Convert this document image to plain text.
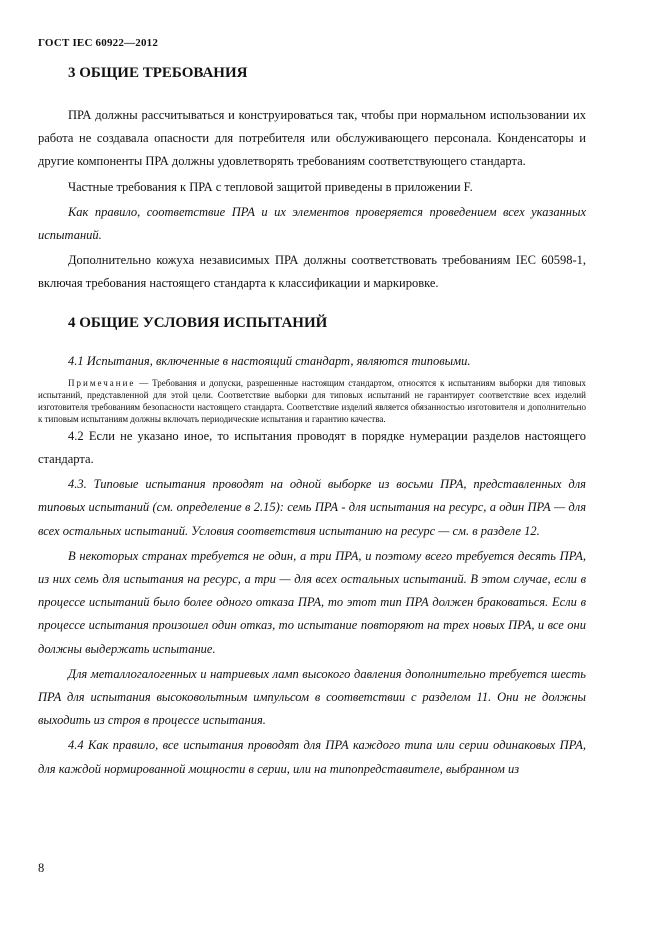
ГОСТ IEC 60922—2012
3 ОБЩИЕ ТРЕБОВАНИЯ

ПРА должны рассчитываться и конструироваться так, чтобы при нормальном использовании их работа не создавала опасности для потребителя или обслуживающего персонала. Конденсаторы и другие компоненты ПРА должны удовлетворять требованиям соответствующего стандарта.

Частные требования к ПРА с тепловой защитой приведены в приложении F.

Как правило, соответствие ПРА и их элементов проверяется проведением всех указанных испытаний.

Дополнительно кожуха независимых ПРА должны соответствовать требованиям IEC 60598-1, включая требования настоящего стандарта к классификации и маркировке.

4 ОБЩИЕ УСЛОВИЯ ИСПЫТАНИЙ

4.1 Испытания, включенные в настоящий стандарт, являются типовыми.

Примечание — Требования и допуски, разрешенные настоящим стандартом, относятся к испытаниям выборки для типовых испытаний, представленной для этой цели. Соответствие выборки для типовых испытаний не гарантирует соответствие всех изделий изготовителя требованиям безопасности настоящего стандарта. Соответствие изделий является обязанностью изготовителя и дополнительно к типовым испытаниям должны включать периодические испытания и гарантию качества.

4.2 Если не указано иное, то испытания проводят в порядке нумерации разделов настоящего стандарта.

4.3. Типовые испытания проводят на одной выборке из восьми ПРА, представленных для типовых испытаний (см. определение в 2.15): семь ПРА - для испытания на ресурс, а один ПРА — для всех остальных испытаний. Условия соответствия испытанию на ресурс — см. в разделе 12.

В некоторых странах требуется не один, а три ПРА, и поэтому всего требуется десять ПРА, из них семь для испытания на ресурс, а три — для всех остальных испытаний. В этом случае, если в процессе испытаний было более одного отказа ПРА, то этот тип ПРА должен браковаться. Если в процессе испытания произошел один отказ, то испытание повторяют на трех новых ПРА, и все они должны выдержать испытание.

Для металлогалогенных и натриевых ламп высокого давления дополнительно требуется шесть ПРА для испытания высоковольтным импульсом в соответствии с разделом 11. Они не должны выходить из строя в процессе испытания.

4.4 Как правило, все испытания проводят для ПРА каждого типа или серии одинаковых ПРА, для каждой нормированной мощности в серии, или на типопредставителе, выбранном из

8
